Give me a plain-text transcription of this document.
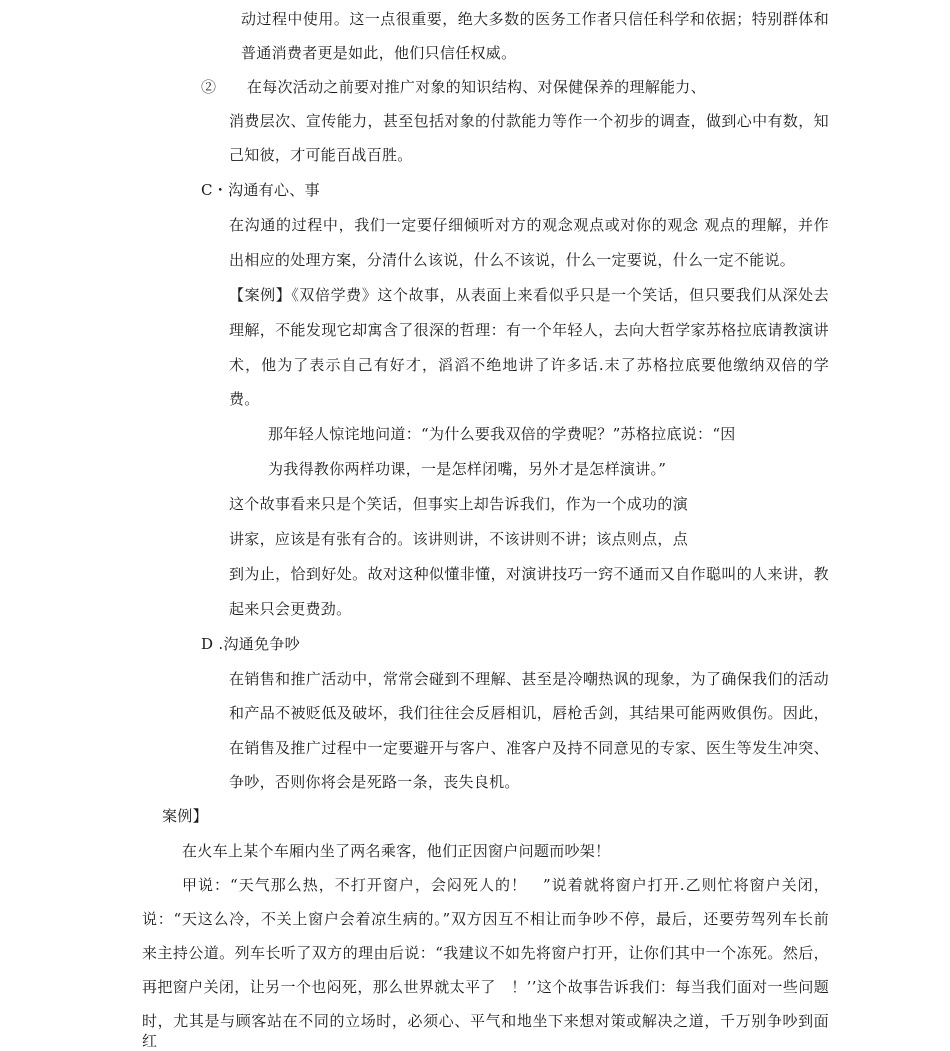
动过程中使用。这一点很重要，绝大多数的医务工作者只信任科学和依据；特别群体和
普通消费者更是如此，他们只信任权威。
②　　在每次活动之前要对推广对象的知识结构、对保健保养的理解能力、
消费层次、宣传能力，甚至包括对象的付款能力等作一个初步的调查，做到心中有数，知
己知彼，才可能百战百胜。
C・沟通有心、事
在沟通的过程中，我们一定要仔细倾听对方的观念观点或对你的观念 观点的理解，并作
出相应的处理方案，分清什么该说，什么不该说，什么一定要说，什么一定不能说。
【案例】《双倍学费》这个故事，从表面上来看似乎只是一个笑话，但只要我们从深处去
理解，不能发现它却寓含了很深的哲理：有一个年轻人，去向大哲学家苏格拉底请教演讲
术，他为了表示自己有好才，滔滔不绝地讲了许多话.末了苏格拉底要他缴纳双倍的学
费。
那年轻人惊诧地问道：“为什么要我双倍的学费呢？”苏格拉底说：“因
为我得教你两样功课，一是怎样闭嘴，另外才是怎样演讲。”
这个故事看来只是个笑话，但事实上却告诉我们，作为一个成功的演
讲家，应该是有张有合的。该讲则讲，不该讲则不讲；该点则点，点
到为止，恰到好处。故对这种似懂非懂，对演讲技巧一窍不通而又自作聪叫的人来讲，教
起来只会更费劲。
D .沟通免争吵
在销售和推广活动中，常常会碰到不理解、甚至是冷嘲热讽的现象，为了确保我们的活动
和产品不被贬低及破坏，我们往往会反唇相讥，唇枪舌剑，其结果可能两败俱伤。因此，
在销售及推广过程中一定要避开与客户、准客户及持不同意见的专家、医生等发生冲突、
争吵，否则你将会是死路一条，丧失良机。
案例】
在火车上某个车厢内坐了两名乘客，他们正因窗户问题而吵架！
甲说：“天气那么热，不打开窗户，会闷死人的！　”说着就将窗户打开.乙则忙将窗户关闭，
说：“天这么冷，不关上窗户会着凉生病的。”双方因互不相让而争吵不停，最后，还要劳驾列车长前
来主持公道。列车长听了双方的理由后说：“我建议不如先将窗户打开，让你们其中一个冻死。然后，
再把窗户关闭，让另一个也闷死，那么世界就太平了　！’’这个故事告诉我们：每当我们面对一些问题
时，尤其是与顾客站在不同的立场时，必须心、平气和地坐下来想对策或解决之道，千万别争吵到面红
